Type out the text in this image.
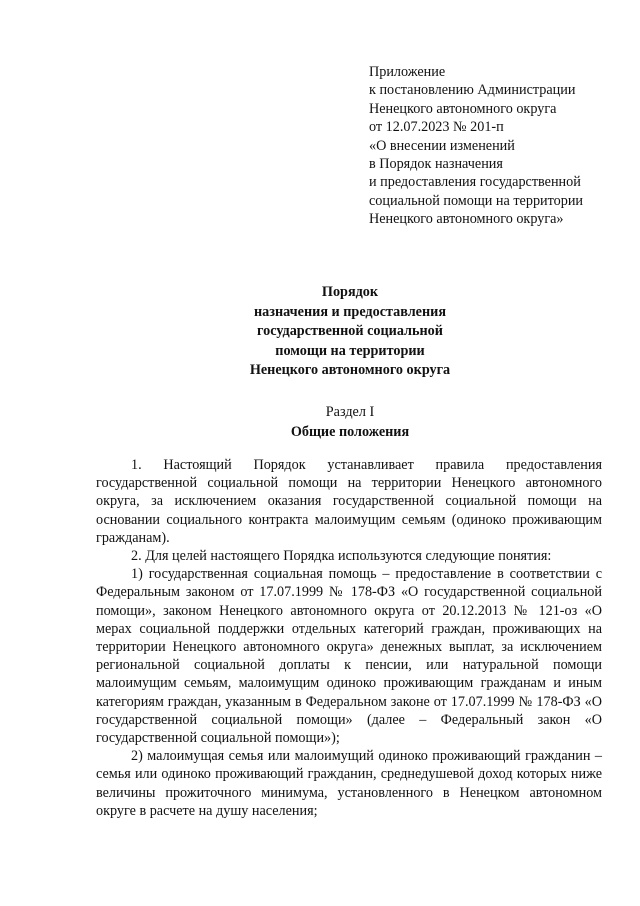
Приложение
к постановлению Администрации
Ненецкого автономного округа
от 12.07.2023 № 201-п
«О внесении изменений
в Порядок назначения
и предоставления государственной
социальной помощи на территории
Ненецкого автономного округа»
Порядок
назначения и предоставления
государственной социальной
помощи на территории
Ненецкого автономного округа
Раздел I
Общие положения

1. Настоящий Порядок устанавливает правила предоставления государственной социальной помощи на территории Ненецкого автономного округа, за исключением оказания государственной социальной помощи на основании социального контракта малоимущим семьям (одиноко проживающим гражданам).

2. Для целей настоящего Порядка используются следующие понятия:

1) государственная социальная помощь – предоставление в соответствии с Федеральным законом от 17.07.1999 № 178-ФЗ «О государственной социальной помощи», законом Ненецкого автономного округа от 20.12.2013 № 121-оз «О мерах социальной поддержки отдельных категорий граждан, проживающих на территории Ненецкого автономного округа» денежных выплат, за исключением региональной социальной доплаты к пенсии, или натуральной помощи малоимущим семьям, малоимущим одиноко проживающим гражданам и иным категориям граждан, указанным в Федеральном законе от 17.07.1999 № 178-ФЗ «О государственной социальной помощи» (далее – Федеральный закон «О государственной социальной помощи»);

2) малоимущая семья или малоимущий одиноко проживающий гражданин – семья или одиноко проживающий гражданин, среднедушевой доход которых ниже величины прожиточного минимума, установленного в Ненецком автономном округе в расчете на душу населения;
